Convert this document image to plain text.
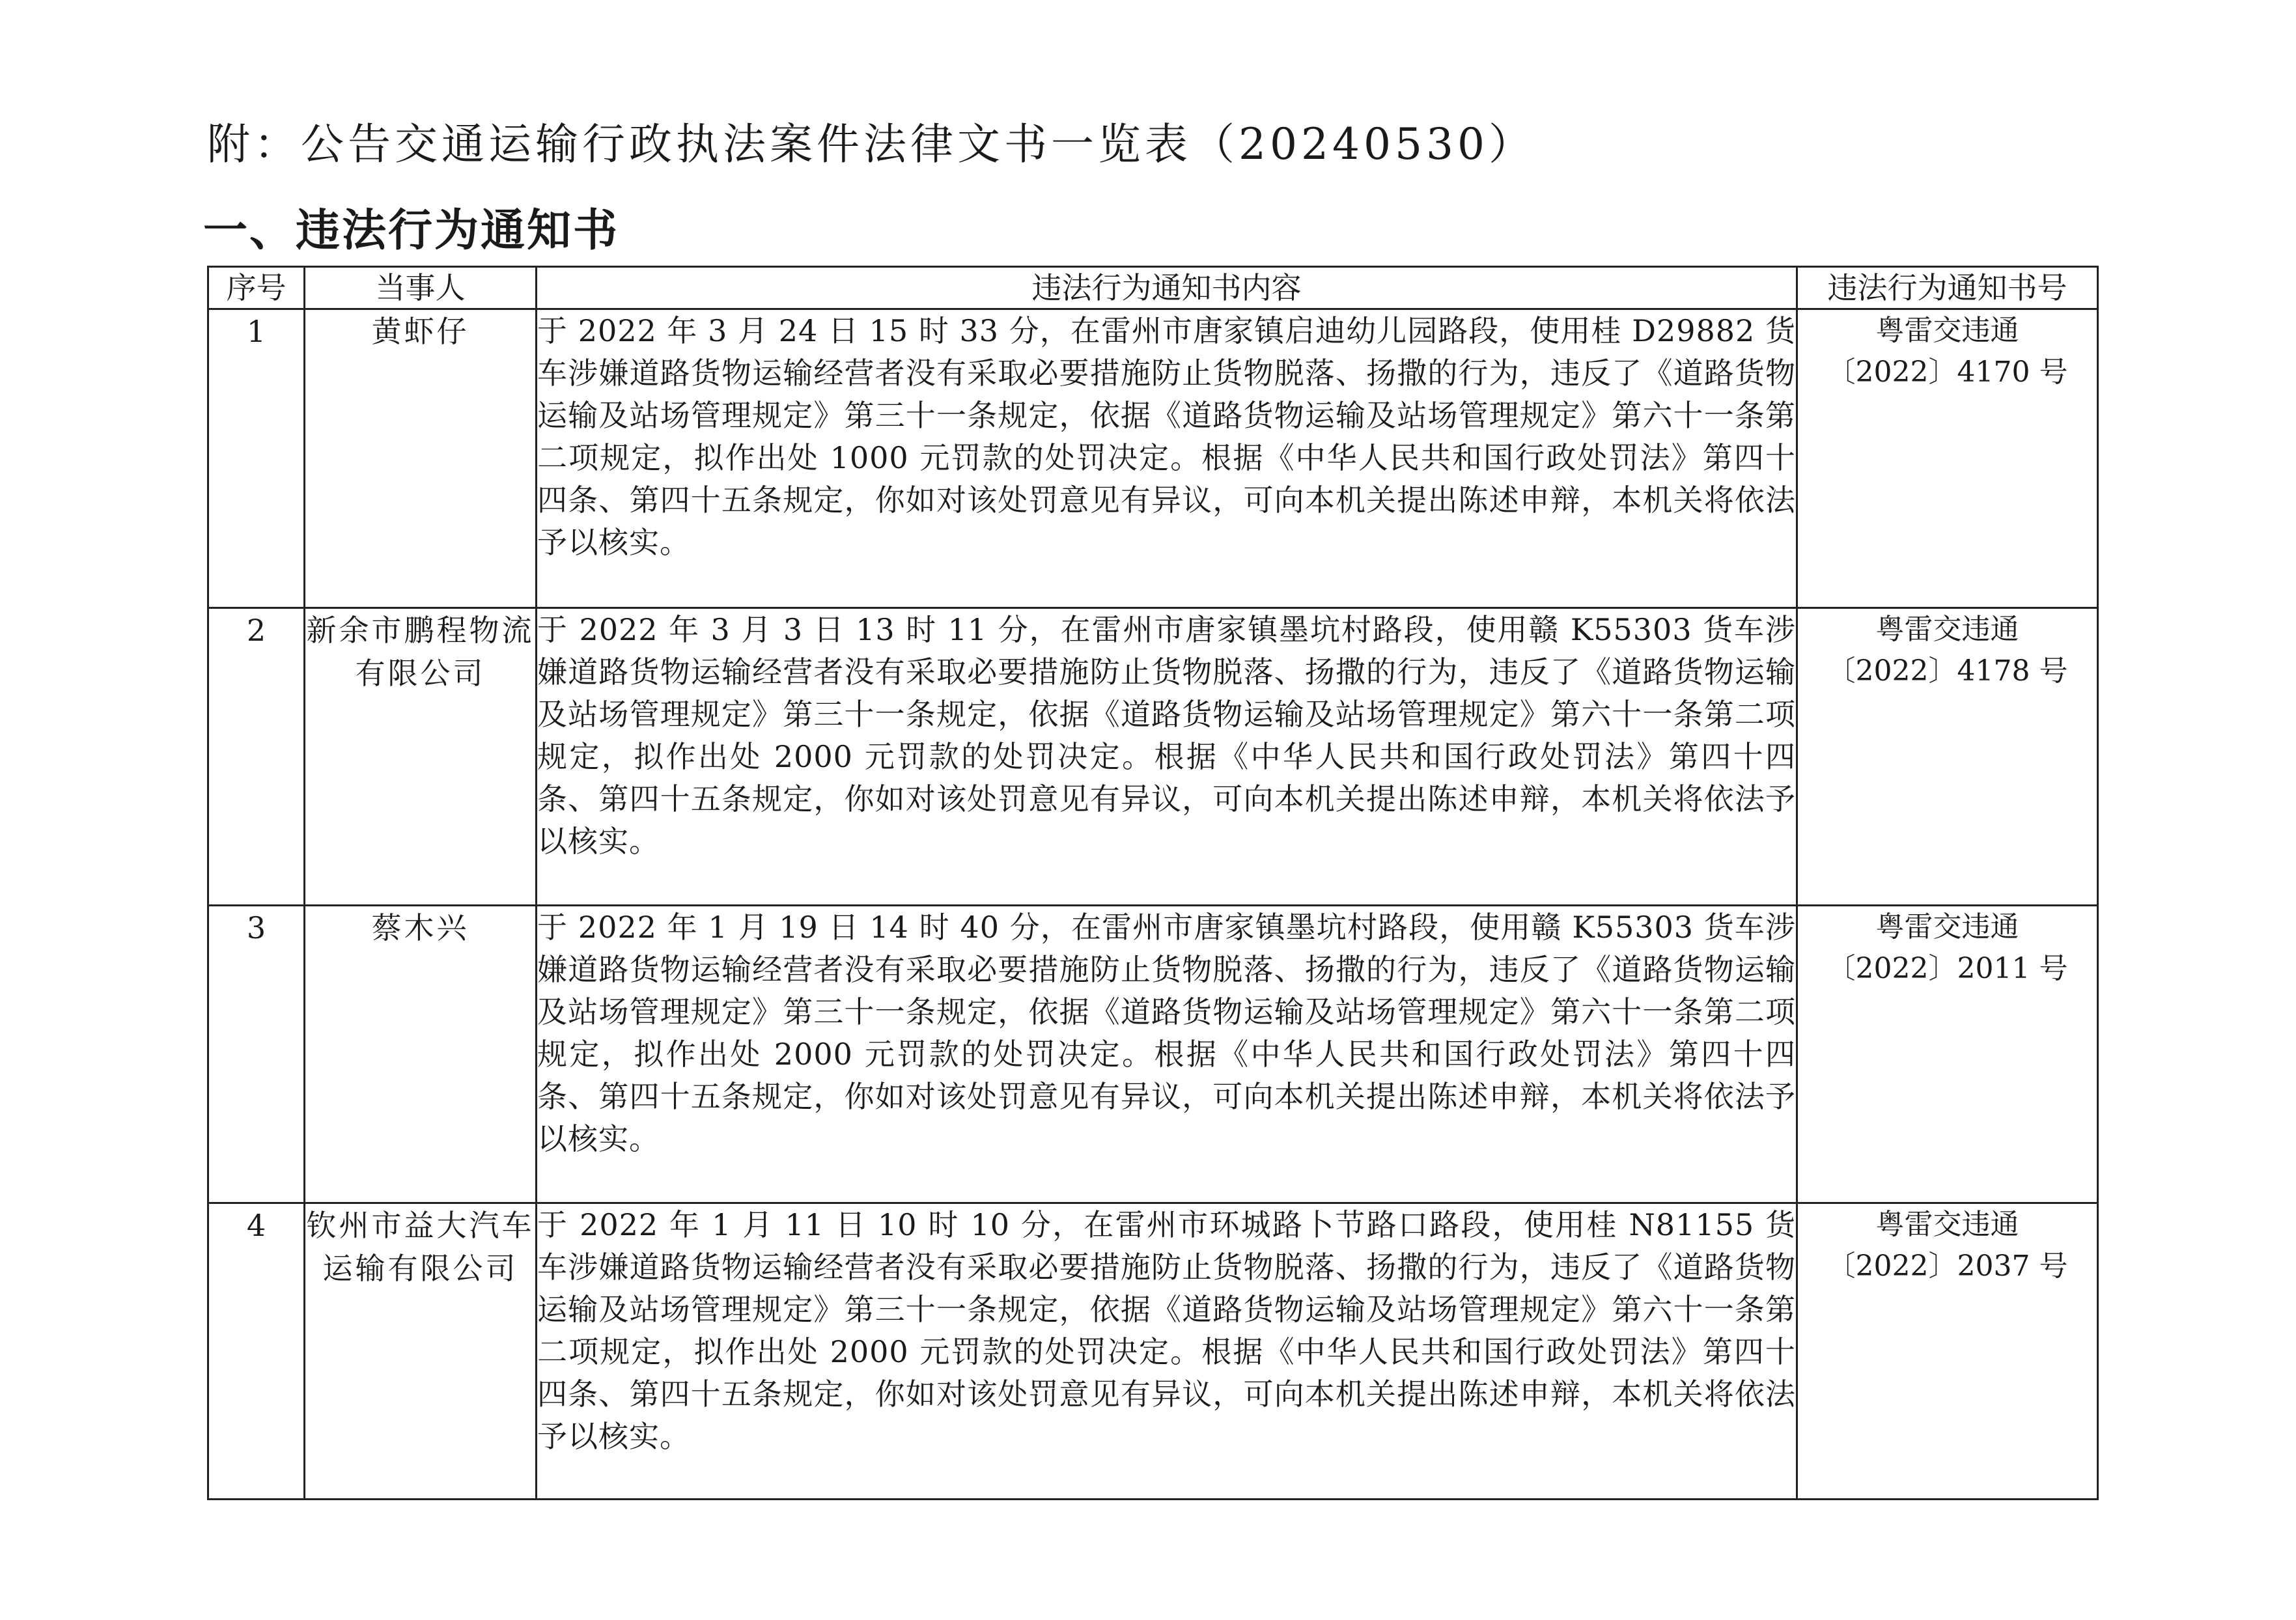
附：公告交通运输行政执法案件法律文书一览表（20240530）
一、违法行为通知书
序号	当事人	违法行为通知书内容	违法行为通知书号
1	黄虾仔	于 2022 年 3 月 24 日 15 时 33 分，在雷州市唐家镇启迪幼儿园路段，使用桂 D29882 货车涉嫌道路货物运输经营者没有采取必要措施防止货物脱落、扬撒的行为，违反了《道路货物运输及站场管理规定》第三十一条规定，依据《道路货物运输及站场管理规定》第六十一条第二项规定，拟作出处 1000 元罚款的处罚决定。根据《中华人民共和国行政处罚法》第四十四条、第四十五条规定，你如对该处罚意见有异议，可向本机关提出陈述申辩，本机关将依法予以核实。	粤雷交违通
〔2022〕4170 号
2	新余市鹏程物流有限公司	于 2022 年 3 月 3 日 13 时 11 分，在雷州市唐家镇墨坑村路段，使用赣 K55303 货车涉嫌道路货物运输经营者没有采取必要措施防止货物脱落、扬撒的行为，违反了《道路货物运输及站场管理规定》第三十一条规定，依据《道路货物运输及站场管理规定》第六十一条第二项规定，拟作出处 2000 元罚款的处罚决定。根据《中华人民共和国行政处罚法》第四十四条、第四十五条规定，你如对该处罚意见有异议，可向本机关提出陈述申辩，本机关将依法予以核实。	粤雷交违通
〔2022〕4178 号
3	蔡木兴	于 2022 年 1 月 19 日 14 时 40 分，在雷州市唐家镇墨坑村路段，使用赣 K55303 货车涉嫌道路货物运输经营者没有采取必要措施防止货物脱落、扬撒的行为，违反了《道路货物运输及站场管理规定》第三十一条规定，依据《道路货物运输及站场管理规定》第六十一条第二项规定，拟作出处 2000 元罚款的处罚决定。根据《中华人民共和国行政处罚法》第四十四条、第四十五条规定，你如对该处罚意见有异议，可向本机关提出陈述申辩，本机关将依法予以核实。	粤雷交违通
〔2022〕2011 号
4	钦州市益大汽车运输有限公司	于 2022 年 1 月 11 日 10 时 10 分，在雷州市环城路卜节路口路段，使用桂 N81155 货车涉嫌道路货物运输经营者没有采取必要措施防止货物脱落、扬撒的行为，违反了《道路货物运输及站场管理规定》第三十一条规定，依据《道路货物运输及站场管理规定》第六十一条第二项规定，拟作出处 2000 元罚款的处罚决定。根据《中华人民共和国行政处罚法》第四十四条、第四十五条规定，你如对该处罚意见有异议，可向本机关提出陈述申辩，本机关将依法予以核实。	粤雷交违通
〔2022〕2037 号
